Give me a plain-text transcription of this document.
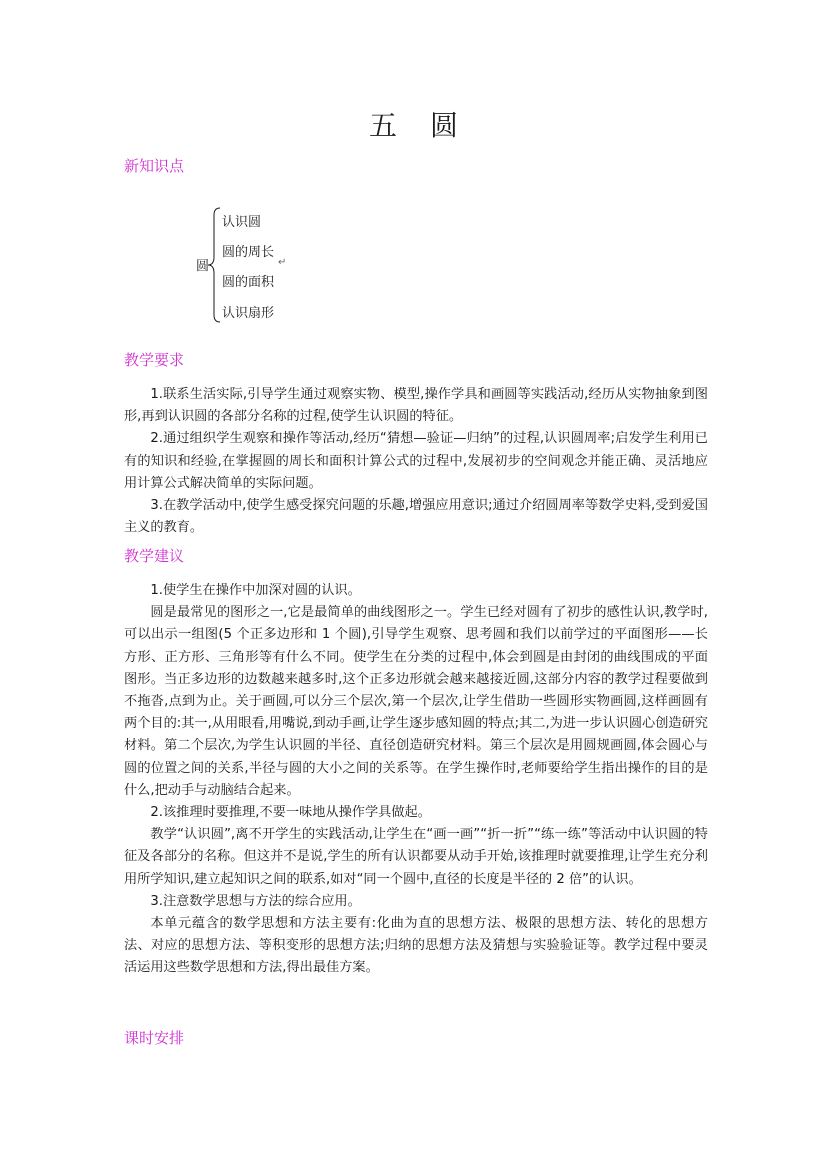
五 圆
新知识点
圆
认识圆
圆的周长
↵
圆的面积
认识扇形
教学要求

1.联系生活实际,引导学生通过观察实物、模型,操作学具和画圆等实践活动,经历从实物抽象到图形,再到认识圆的各部分名称的过程,使学生认识圆的特征。

2.通过组织学生观察和操作等活动,经历“猜想—验证—归纳”的过程,认识圆周率;启发学生利用已有的知识和经验,在掌握圆的周长和面积计算公式的过程中,发展初步的空间观念并能正确、灵活地应用计算公式解决简单的实际问题。

3.在教学活动中,使学生感受探究问题的乐趣,增强应用意识;通过介绍圆周率等数学史料,受到爱国主义的教育。

教学建议

1.使学生在操作中加深对圆的认识。

圆是最常见的图形之一,它是最简单的曲线图形之一。学生已经对圆有了初步的感性认识,教学时,可以出示一组图(5 个正多边形和 1 个圆),引导学生观察、思考圆和我们以前学过的平面图形——长方形、正方形、三角形等有什么不同。使学生在分类的过程中,体会到圆是由封闭的曲线围成的平面图形。当正多边形的边数越来越多时,这个正多边形就会越来越接近圆,这部分内容的教学过程要做到不拖沓,点到为止。关于画圆,可以分三个层次,第一个层次,让学生借助一些圆形实物画圆,这样画圆有两个目的:其一,从用眼看,用嘴说,到动手画,让学生逐步感知圆的特点;其二,为进一步认识圆心创造研究材料。第二个层次,为学生认识圆的半径、直径创造研究材料。第三个层次是用圆规画圆,体会圆心与圆的位置之间的关系,半径与圆的大小之间的关系等。在学生操作时,老师要给学生指出操作的目的是什么,把动手与动脑结合起来。

2.该推理时要推理,不要一味地从操作学具做起。

教学“认识圆”,离不开学生的实践活动,让学生在“画一画”“折一折”“练一练”等活动中认识圆的特征及各部分的名称。但这并不是说,学生的所有认识都要从动手开始,该推理时就要推理,让学生充分利用所学知识,建立起知识之间的联系,如对“同一个圆中,直径的长度是半径的 2 倍”的认识。

3.注意数学思想与方法的综合应用。

本单元蕴含的数学思想和方法主要有:化曲为直的思想方法、极限的思想方法、转化的思想方法、对应的思想方法、等积变形的思想方法;归纳的思想方法及猜想与实验验证等。教学过程中要灵活运用这些数学思想和方法,得出最佳方案。

课时安排
